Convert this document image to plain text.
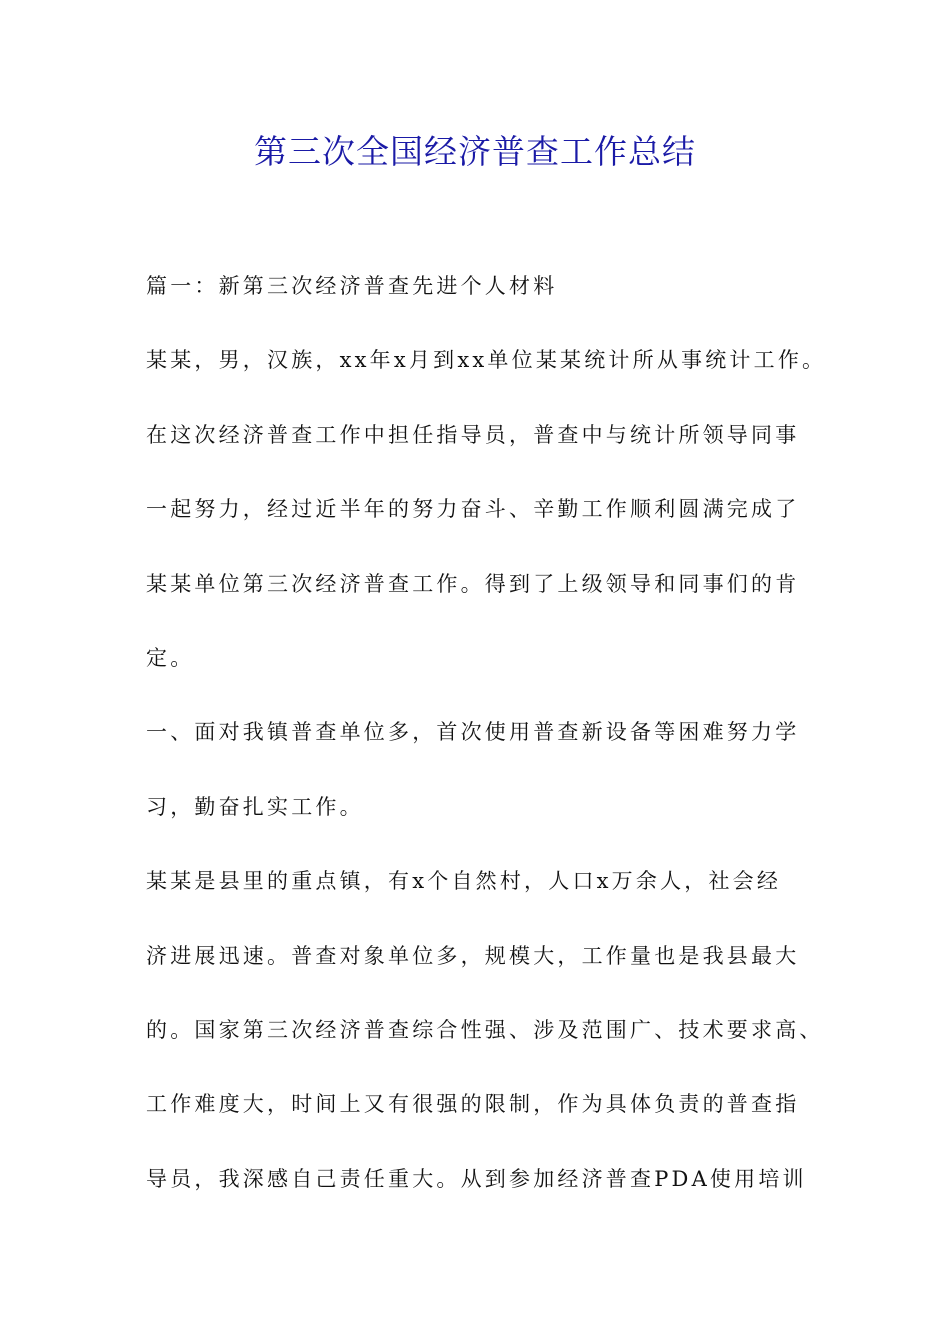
第三次全国经济普查工作总结
篇一：新第三次经济普查先进个人材料
某某，男，汉族，xx年x月到xx单位某某统计所从事统计工作。
在这次经济普查工作中担任指导员，普查中与统计所领导同事
一起努力，经过近半年的努力奋斗、辛勤工作顺利圆满完成了
某某单位第三次经济普查工作。得到了上级领导和同事们的肯
定。
一、面对我镇普查单位多，首次使用普查新设备等困难努力学
习，勤奋扎实工作。
某某是县里的重点镇，有x个自然村，人口x万余人，社会经
济进展迅速。普查对象单位多，规模大，工作量也是我县最大
的。国家第三次经济普查综合性强、涉及范围广、技术要求高、
工作难度大，时间上又有很强的限制，作为具体负责的普查指
导员，我深感自己责任重大。从到参加经济普查PDA使用培训
